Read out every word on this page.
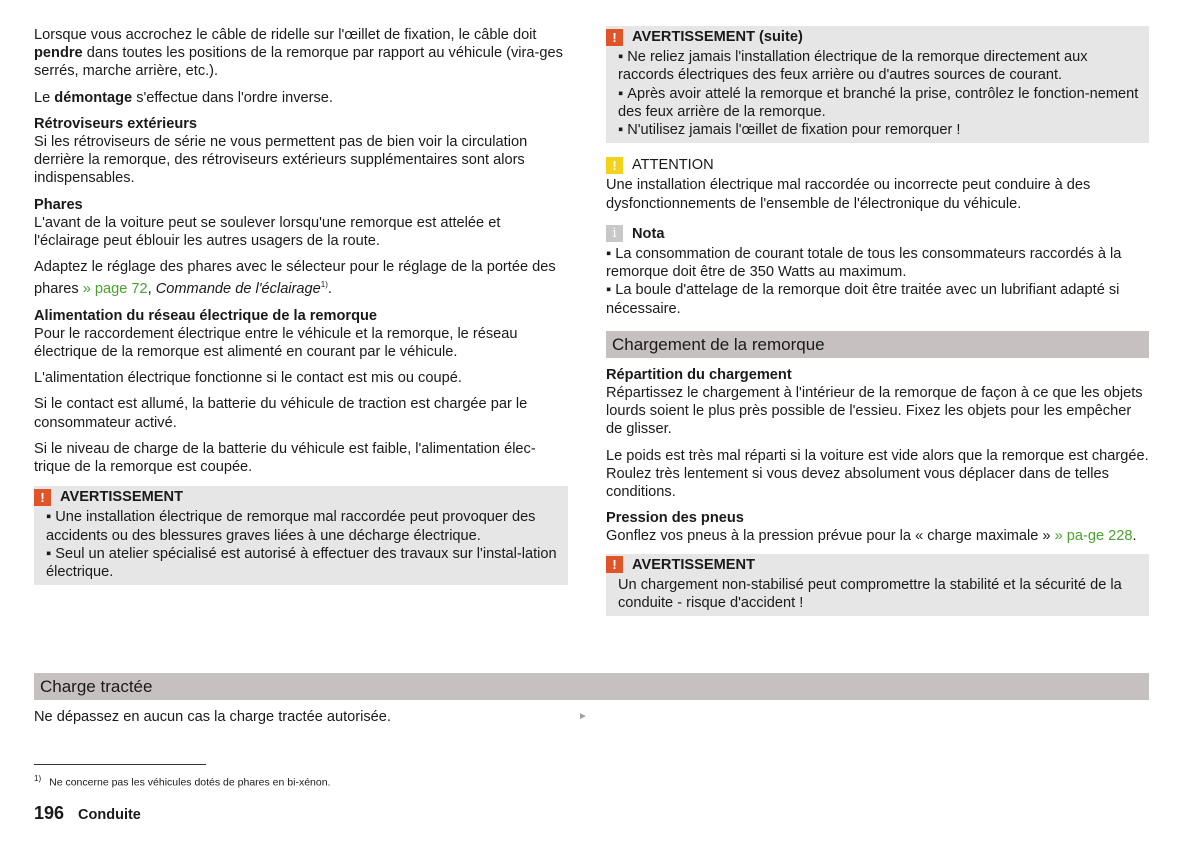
Lorsque vous accrochez le câble de ridelle sur l'œillet de fixation, le câble doit pendre dans toutes les positions de la remorque par rapport au véhicule (vira-ges serrés, marche arrière, etc.).

Le démontage s'effectue dans l'ordre inverse.

Rétroviseurs extérieurs

Si les rétroviseurs de série ne vous permettent pas de bien voir la circulation derrière la remorque, des rétroviseurs extérieurs supplémentaires sont alors indispensables.

Phares

L'avant de la voiture peut se soulever lorsqu'une remorque est attelée et l'éclairage peut éblouir les autres usagers de la route.

Adaptez le réglage des phares avec le sélecteur pour le réglage de la portée des phares » page 72, Commande de l'éclairage$^{1)}$.

Alimentation du réseau électrique de la remorque

Pour le raccordement électrique entre le véhicule et la remorque, le réseau électrique de la remorque est alimenté en courant par le véhicule.

L'alimentation électrique fonctionne si le contact est mis ou coupé.

Si le contact est allumé, la batterie du véhicule de traction est chargée par le consommateur activé.

Si le niveau de charge de la batterie du véhicule est faible, l'alimentation élec-trique de la remorque est coupée.

!	AVERTISSEMENT
▪ Une installation électrique de remorque mal raccordée peut provoquer des accidents ou des blessures graves liées à une décharge électrique.
▪ Seul un atelier spécialisé est autorisé à effectuer des travaux sur l'instal-lation électrique.
!	AVERTISSEMENT (suite)
▪ Ne reliez jamais l'installation électrique de la remorque directement aux raccords électriques des feux arrière ou d'autres sources de courant.
▪ Après avoir attelé la remorque et branché la prise, contrôlez le fonction-nement des feux arrière de la remorque.
▪ N'utilisez jamais l'œillet de fixation pour remorquer !
!	ATTENTION
Une installation électrique mal raccordée ou incorrecte peut conduire à des dysfonctionnements de l'ensemble de l'électronique du véhicule.
i	Nota
▪ La consommation de courant totale de tous les consommateurs raccordés à la remorque doit être de 350 Watts au maximum.
▪ La boule d'attelage de la remorque doit être traitée avec un lubrifiant adapté si nécessaire.
Chargement de la remorque
Répartition du chargement

Répartissez le chargement à l'intérieur de la remorque de façon à ce que les objets lourds soient le plus près possible de l'essieu. Fixez les objets pour les empêcher de glisser.

Le poids est très mal réparti si la voiture est vide alors que la remorque est chargée. Roulez très lentement si vous devez absolument vous déplacer dans de telles conditions.

Pression des pneus

Gonflez vos pneus à la pression prévue pour la « charge maximale » » pa-ge 228.

!	AVERTISSEMENT
Un chargement non-stabilisé peut compromettre la stabilité et la sécurité de la conduite - risque d'accident !
Charge tractée
Ne dépassez en aucun cas la charge tractée autorisée.	►
$^{1)}$ Ne concerne pas les véhicules dotés de phares en bi-xénon.
196 Conduite
